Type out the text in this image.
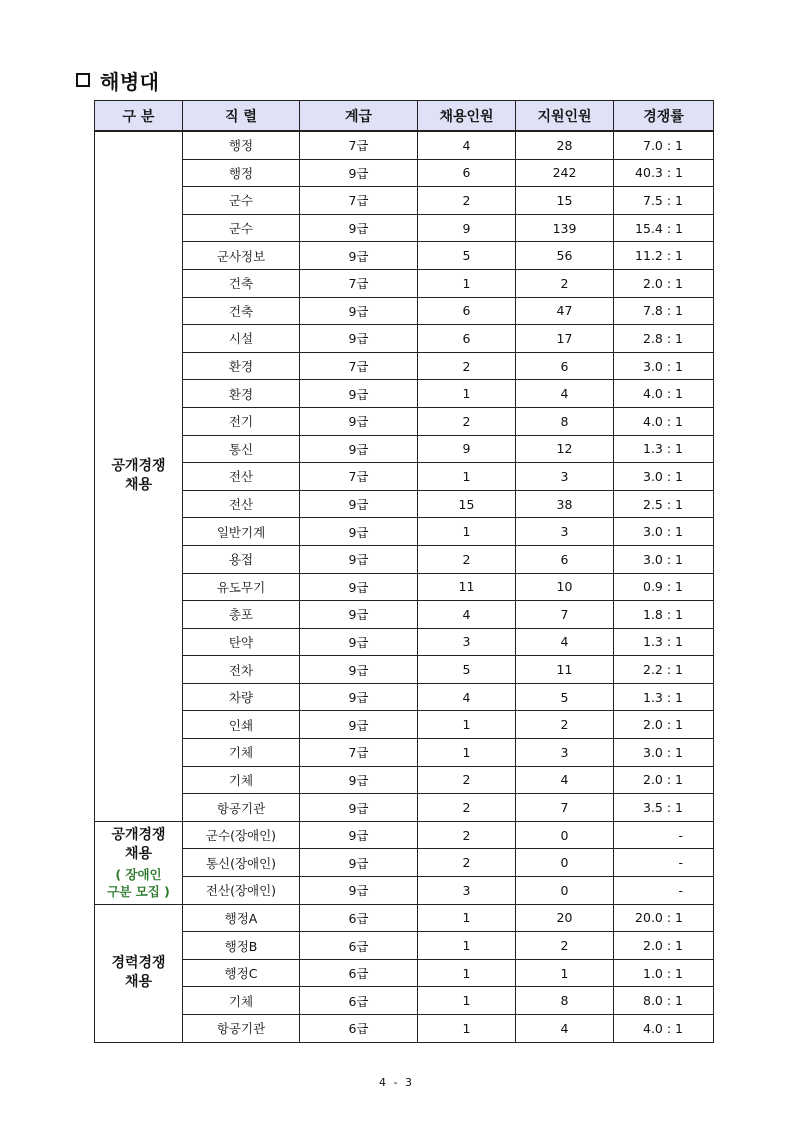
해병대
구 분	직 렬	계급	채용인원	지원인원	경쟁률

공개경쟁
채용	행정	7급	4	28	7.0 : 1
	행정	9급	6	242	40.3 : 1
	군수	7급	2	15	7.5 : 1
	군수	9급	9	139	15.4 : 1
	군사정보	9급	5	56	11.2 : 1
	건축	7급	1	2	2.0 : 1
	건축	9급	6	47	7.8 : 1
	시설	9급	6	17	2.8 : 1
	환경	7급	2	6	3.0 : 1
	환경	9급	1	4	4.0 : 1
	전기	9급	2	8	4.0 : 1
	통신	9급	9	12	1.3 : 1
	전산	7급	1	3	3.0 : 1
	전산	9급	15	38	2.5 : 1
	일반기계	9급	1	3	3.0 : 1
	용접	9급	2	6	3.0 : 1
	유도무기	9급	11	10	0.9 : 1
	총포	9급	4	7	1.8 : 1
	탄약	9급	3	4	1.3 : 1
	전차	9급	5	11	2.2 : 1
	차량	9급	4	5	1.3 : 1
	인쇄	9급	1	2	2.0 : 1
	기체	7급	1	3	3.0 : 1
	기체	9급	2	4	2.0 : 1
	항공기관	9급	2	7	3.5 : 1

공개경쟁
채용
( 장애인
구분 모집 )	군수(장애인)	9급	2	0	-
	통신(장애인)	9급	2	0	-
	전산(장애인)	9급	3	0	-

경력경쟁
채용	행정A	6급	1	20	20.0 : 1
	행정B	6급	1	2	2.0 : 1
	행정C	6급	1	1	1.0 : 1
	기체	6급	1	8	8.0 : 1
	항공기관	6급	1	4	4.0 : 1
4 - 3
